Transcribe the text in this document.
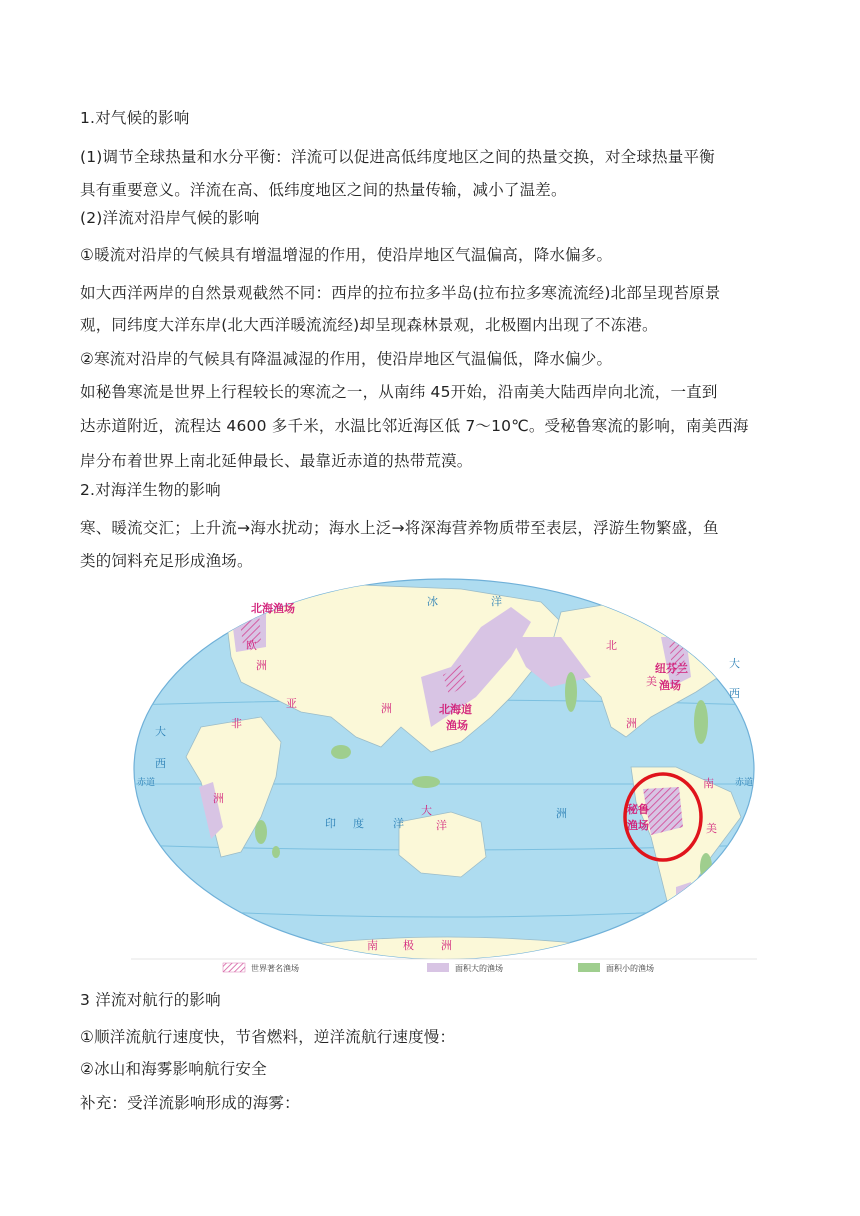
1.对气候的影响
(1)调节全球热量和水分平衡：洋流可以促进高低纬度地区之间的热量交换，对全球热量平衡
具有重要意义。洋流在高、低纬度地区之间的热量传输，减小了温差。
(2)洋流对沿岸气候的影响
①暖流对沿岸的气候具有增温增湿的作用，使沿岸地区气温偏高，降水偏多。
如大西洋两岸的自然景观截然不同：西岸的拉布拉多半岛(拉布拉多寒流流经)北部呈现苔原景
观，同纬度大洋东岸(北大西洋暖流流经)却呈现森林景观，北极圈内出现了不冻港。
②寒流对沿岸的气候具有降温减湿的作用，使沿岸地区气温偏低，降水偏少。
如秘鲁寒流是世界上行程较长的寒流之一，从南纬 45开始，沿南美大陆西岸向北流，一直到
达赤道附近，流程达 4600 多千米，水温比邻近海区低 7～10℃。受秘鲁寒流的影响，南美西海
岸分布着世界上南北延伸最长、最靠近赤道的热带荒漠。
2.对海洋生物的影响
寒、暖流交汇；上升流→海水扰动；海水上泛→将深海营养物质带至表层，浮游生物繁盛，鱼
类的饲料充足形成渔场。
冰	洋
印 度	洋
洲
大
西
大
西
赤道	赤道
欧
洲
亚	洲
非
洲
北
美
洲
南
美
大
洋
南 极 洲
北海渔场
北海道
渔场
纽芬兰
渔场
秘鲁
渔场
世界著名渔场	面积大的渔场	面积小的渔场
3 洋流对航行的影响
①顺洋流航行速度快，节省燃料，逆洋流航行速度慢：
②冰山和海雾影响航行安全
补充：受洋流影响形成的海雾：
